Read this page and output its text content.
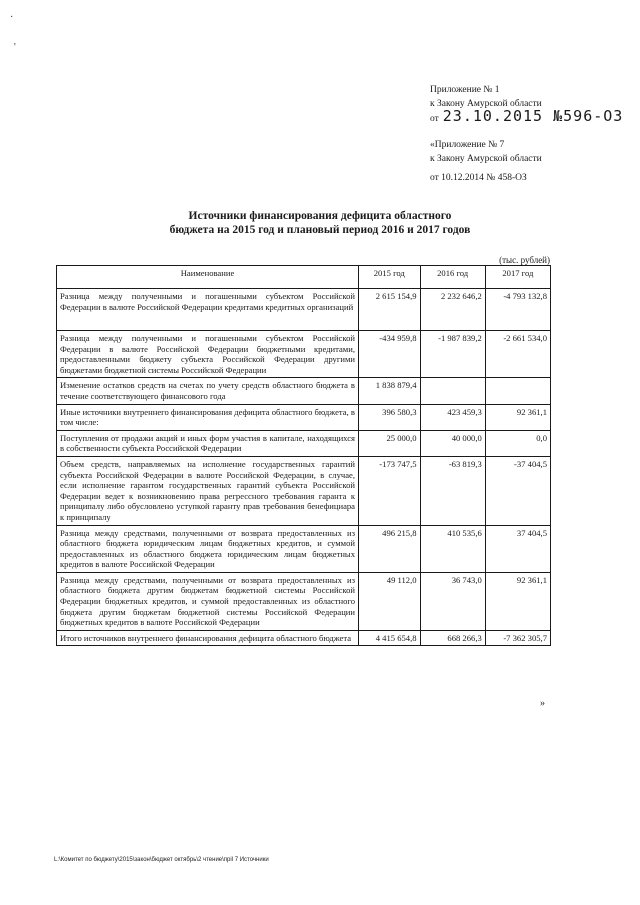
·
'
Приложение № 1
к Закону Амурской области
от 23.10.2015 №596-ОЗ
«Приложение № 7
к Закону Амурской области
от 10.12.2014 № 458-ОЗ
Источники финансирования дефицита областного
бюджета на 2015 год и плановый период 2016 и 2017 годов
(тыс. рублей)
Наименование	2015 год	2016 год	2017 год
Разница между полученными и погашенными субъектом Российской Федерации в валюте Российской Федерации кредитами кредитных организаций	2 615 154,9	2 232 646,2	-4 793 132,8
Разница между полученными и погашенными субъектом Российской Федерации в валюте Российской Федерации бюджетными кредитами, предоставленными бюджету субъекта Российской Федерации другими бюджетами бюджетной системы Российской Федерации	-434 959,8	-1 987 839,2	-2 661 534,0
Изменение остатков средств на счетах по учету средств областного бюджета в течение соответствующего финансового года	1 838 879,4		
Иные источники внутреннего финансирования дефицита областного бюджета, в том числе:	396 580,3	423 459,3	92 361,1
Поступления от продажи акций и иных форм участия в капитале, находящихся в собственности субъекта Российской Федерации	25 000,0	40 000,0	0,0
Объем средств, направляемых на исполнение государственных гарантий субъекта Российской Федерации в валюте Российской Федерации, в случае, если исполнение гарантом государственных гарантий субъекта Российской Федерации ведет к возникновению права регрессного требования гаранта к принципалу либо обусловлено уступкой гаранту прав требования бенефициара к принципалу	-173 747,5	-63 819,3	-37 404,5
Разница между средствами, полученными от возврата предоставленных из областного бюджета юридическим лицам бюджетных кредитов, и суммой предоставленных из областного бюджета юридическим лицам бюджетных кредитов в валюте Российской Федерации	496 215,8	410 535,6	37 404,5
Разница между средствами, полученными от возврата предоставленных из областного бюджета другим бюджетам бюджетной системы Российской Федерации бюджетных кредитов, и суммой предоставленных из областного бюджета другим бюджетам бюджетной системы Российской Федерации бюджетных кредитов в валюте Российской Федерации	49 112,0	36 743,0	92 361,1
Итого источников внутреннего финансирования дефицита областного бюджета	4 415 654,8	668 266,3	-7 362 305,7
»
L:\Комитет по бюджету\2015\закон\бюджет октябрь\2 чтение\прil 7 Источники
